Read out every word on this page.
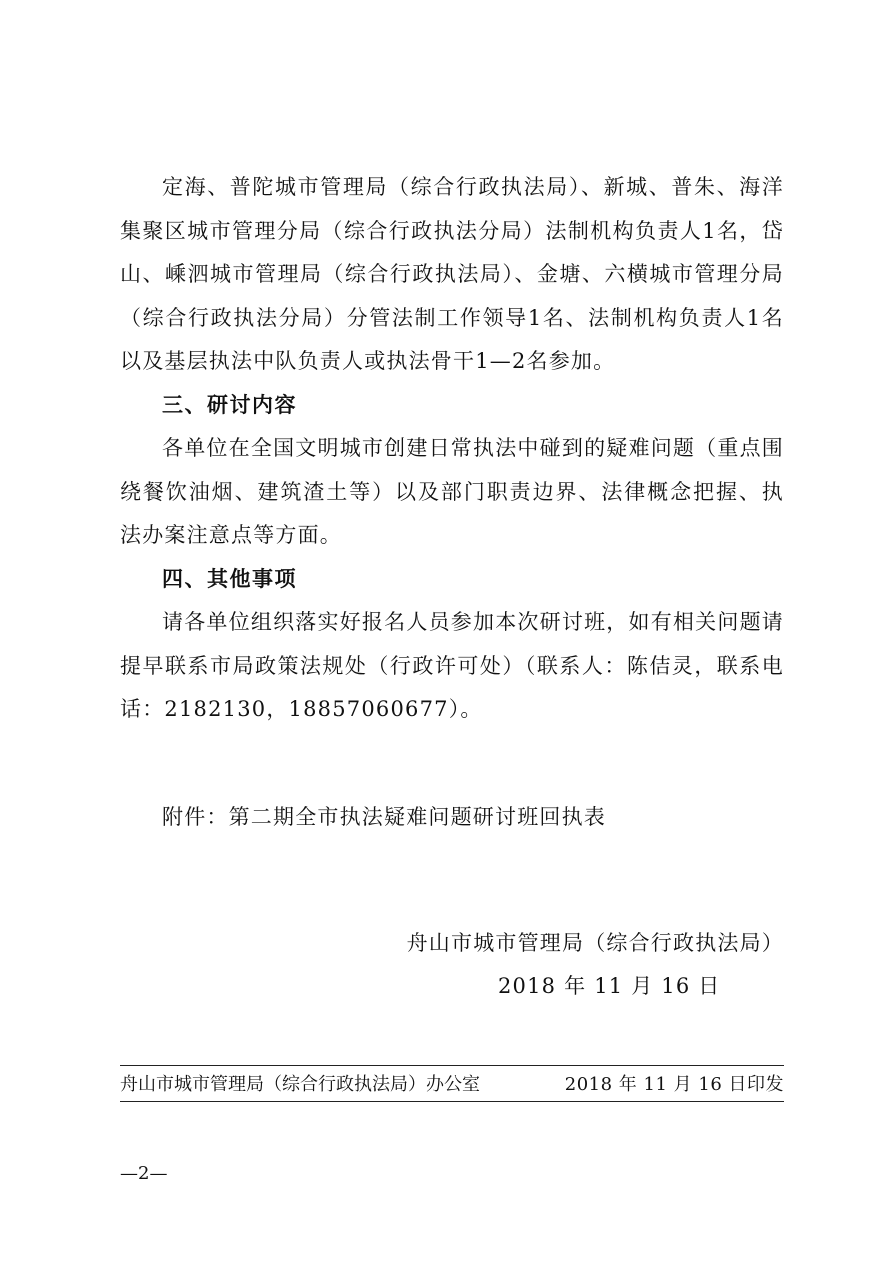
定海、普陀城市管理局（综合行政执法局）、新城、普朱、海洋集聚区城市管理分局（综合行政执法分局）法制机构负责人1名，岱山、嵊泗城市管理局（综合行政执法局）、金塘、六横城市管理分局（综合行政执法分局）分管法制工作领导1名、法制机构负责人1名以及基层执法中队负责人或执法骨干1—2名参加。

三、研讨内容

各单位在全国文明城市创建日常执法中碰到的疑难问题（重点围绕餐饮油烟、建筑渣土等）以及部门职责边界、法律概念把握、执法办案注意点等方面。

四、其他事项

请各单位组织落实好报名人员参加本次研讨班，如有相关问题请提早联系市局政策法规处（行政许可处）（联系人：陈佶灵，联系电话：2182130，18857060677）。

附件：第二期全市执法疑难问题研讨班回执表
舟山市城市管理局（综合行政执法局）
2018 年 11 月 16 日
舟山市城市管理局（综合行政执法局）办公室	2018 年 11 月 16 日印发
—2—
